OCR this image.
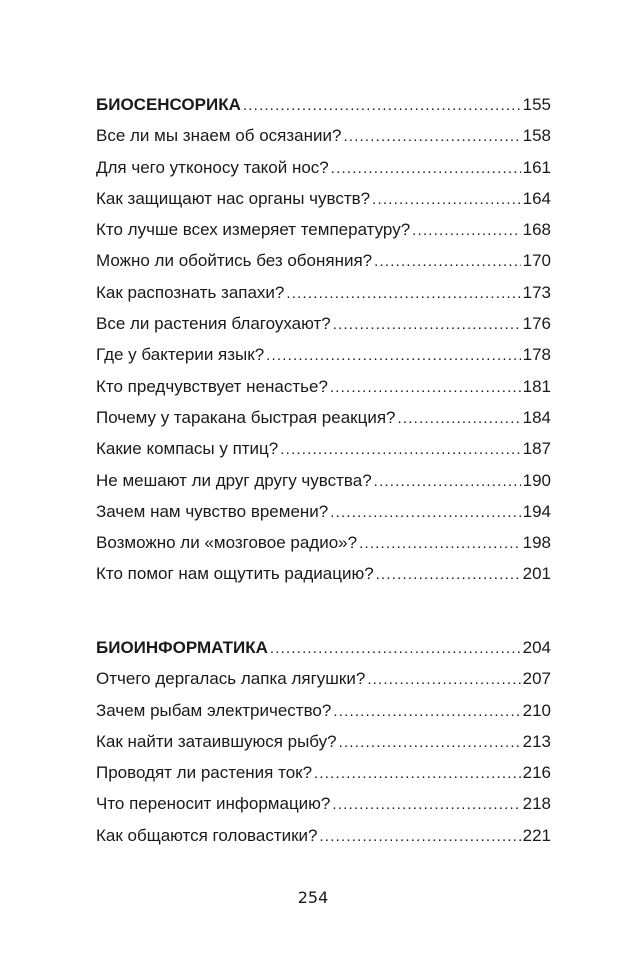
БИОСЕНСОРИКА .....	155
Все ли мы знаем об осязании? .....	158
Для чего утконосу такой нос? .....	161
Как защищают нас органы чувств? .....	164
Кто лучше всех измеряет температуру? .....	168
Можно ли обойтись без обоняния? .....	170
Как распознать запахи? .....	173
Все ли растения благоухают? .....	176
Где у бактерии язык? .....	178
Кто предчувствует ненастье? .....	181
Почему у таракана быстрая реакция? .....	184
Какие компасы у птиц? .....	187
Не мешают ли друг другу чувства? .....	190
Зачем нам чувство времени? .....	194
Возможно ли «мозговое радио»? .....	198
Кто помог нам ощутить радиацию? .....	201
БИОИНФОРМАТИКА .....	204
Отчего дергалась лапка лягушки? .....	207
Зачем рыбам электричество? .....	210
Как найти затаившуюся рыбу? .....	213
Проводят ли растения ток? .....	216
Что переносит информацию? .....	218
Как общаются головастики? .....	221
254
